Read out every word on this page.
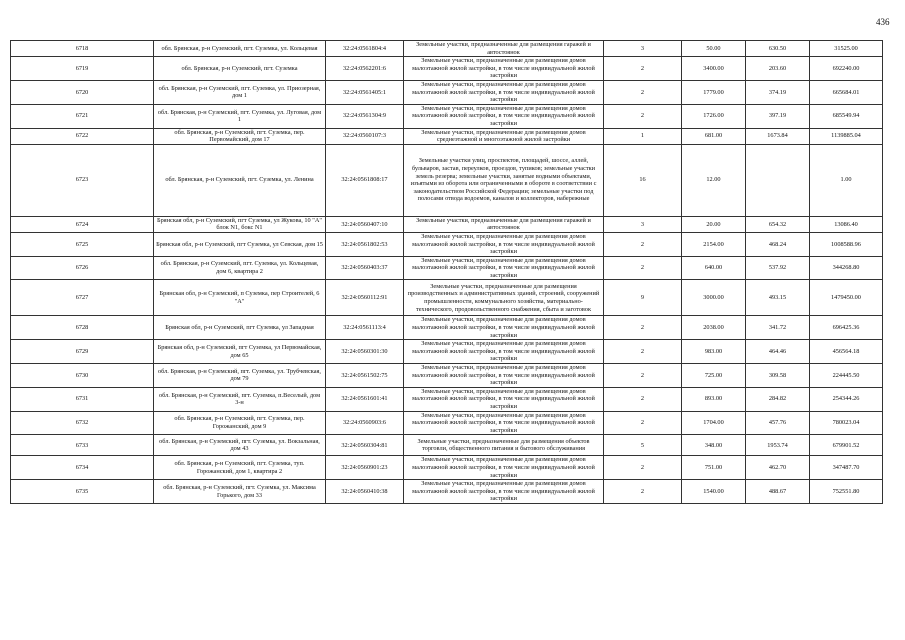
436
6718	обл. Брянская, р-н Суземский, пгт. Суземка, ул. Кольцевая	32:24:0561804:4	Земельные участки, предназначенные для размещения гаражей и автостоянок	3	50.00	630.50	31525.00
6719	обл. Брянская, р-н Суземский, пгт. Суземка	32:24:0562201:6	Земельные участки, предназначенные для размещения домов малоэтажной жилой застройки, в том числе индивидуальной жилой застройки	2	3400.00	203.60	692240.00
6720	обл. Брянская, р-н Суземский, пгт. Суземка, ул. Приозерная, дом 1	32:24:0561405:1	Земельные участки, предназначенные для размещения домов малоэтажной жилой застройки, в том числе индивидуальной жилой застройки	2	1779.00	374.19	665684.01
6721	обл. Брянская, р-н Суземский, пгт. Суземка, ул. Луговая, дом 1	32:24:0561304:9	Земельные участки, предназначенные для размещения домов малоэтажной жилой застройки, в том числе индивидуальной жилой застройки	2	1726.00	397.19	685549.94
6722	обл. Брянская, р-н Суземский, пгт. Суземка, пер. Первомайский, дом 17	32:24:0560107:3	Земельные участки, предназначенные для размещения домов среднеэтажной и многоэтажной жилой застройки	1	681.00	1673.84	1139885.04
6723	обл. Брянская, р-н Суземский, пгт. Суземка, ул. Ленина	32:24:0561808:17	Земельные участки улиц, проспектов, площадей, шоссе, аллей, бульваров, застав, переулков, проездов, тупиков; земельные участки земель резерва; земельные участки, занятые водными объектами, изъятыми из оборота или ограниченными в обороте в соответствии с законодательством Российской Федерации; земельные участки под полосами отвода водоемов, каналов и коллекторов, набережные	16	12.00		1.00
6724	Брянская обл, р-н Суземский, пгт Суземка, ул Жукова, 10 "А" блок N1, бокс N1	32:24:0560407:10	Земельные участки, предназначенные для размещения гаражей и автостоянок	3	20.00	654.32	13086.40
6725	Брянская обл, р-н Суземский, пгт Суземка, ул Севская, дом 15	32:24:0561802:53	Земельные участки, предназначенные для размещения домов малоэтажной жилой застройки, в том числе индивидуальной жилой застройки	2	2154.00	468.24	1008588.96
6726	обл. Брянская, р-н Суземский, пгт. Суземка, ул. Кольцевая, дом 6, квартира 2	32:24:0560403:37	Земельные участки, предназначенные для размещения домов малоэтажной жилой застройки, в том числе индивидуальной жилой застройки	2	640.00	537.92	344268.80
6727	Брянская обл, р-н Суземский, п Суземка, пер Строителей, 6 "А"	32:24:0560112:91	Земельные участки, предназначенные для размещения производственных и административных зданий, строений, сооружений промышленности, коммунального хозяйства, материально-технического, продовольственного снабжения, сбыта и заготовок	9	3000.00	493.15	1479450.00
6728	Брянская обл, р-н Суземский, пгт Суземка, ул Западная	32:24:0561113:4	Земельные участки, предназначенные для размещения домов малоэтажной жилой застройки, в том числе индивидуальной жилой застройки	2	2038.00	341.72	696425.36
6729	Брянская обл, р-н Суземский, пгт Суземка, ул Первомайская, дом 65	32:24:0560301:30	Земельные участки, предназначенные для размещения домов малоэтажной жилой застройки, в том числе индивидуальной жилой застройки	2	983.00	464.46	456564.18
6730	обл. Брянская, р-н Суземский, пгт. Суземка, ул. Трубчевская, дом 79	32:24:0561502:75	Земельные участки, предназначенные для размещения домов малоэтажной жилой застройки, в том числе индивидуальной жилой застройки	2	725.00	309.58	224445.50
6731	обл. Брянская, р-н Суземский, пгт. Суземка, п.Веселый, дом 3-н	32:24:0561601:41	Земельные участки, предназначенные для размещения домов малоэтажной жилой застройки, в том числе индивидуальной жилой застройки	2	893.00	284.82	254344.26
6732	обл. Брянская, р-н Суземский, пгт. Суземка, пер. Горожанский, дом 9	32:24:0560903:6	Земельные участки, предназначенные для размещения домов малоэтажной жилой застройки, в том числе индивидуальной жилой застройки	2	1704.00	457.76	780023.04
6733	обл. Брянская, р-н Суземский, пгт. Суземка, ул. Вокзальная, дом 43	32:24:0560304:81	Земельные участки, предназначенные для размещения объектов торговли, общественного питания и бытового обслуживания	5	348.00	1953.74	679901.52
6734	обл. Брянская, р-н Суземский, пгт. Суземка, туп. Горожанский, дом 1, квартира 2	32:24:0560901:23	Земельные участки, предназначенные для размещения домов малоэтажной жилой застройки, в том числе индивидуальной жилой застройки	2	751.00	462.70	347487.70
6735	обл. Брянская, р-н Суземский, пгт. Суземка, ул. Максима Горького, дом 33	32:24:0560410:38	Земельные участки, предназначенные для размещения домов малоэтажной жилой застройки, в том числе индивидуальной жилой застройки	2	1540.00	488.67	752551.80
